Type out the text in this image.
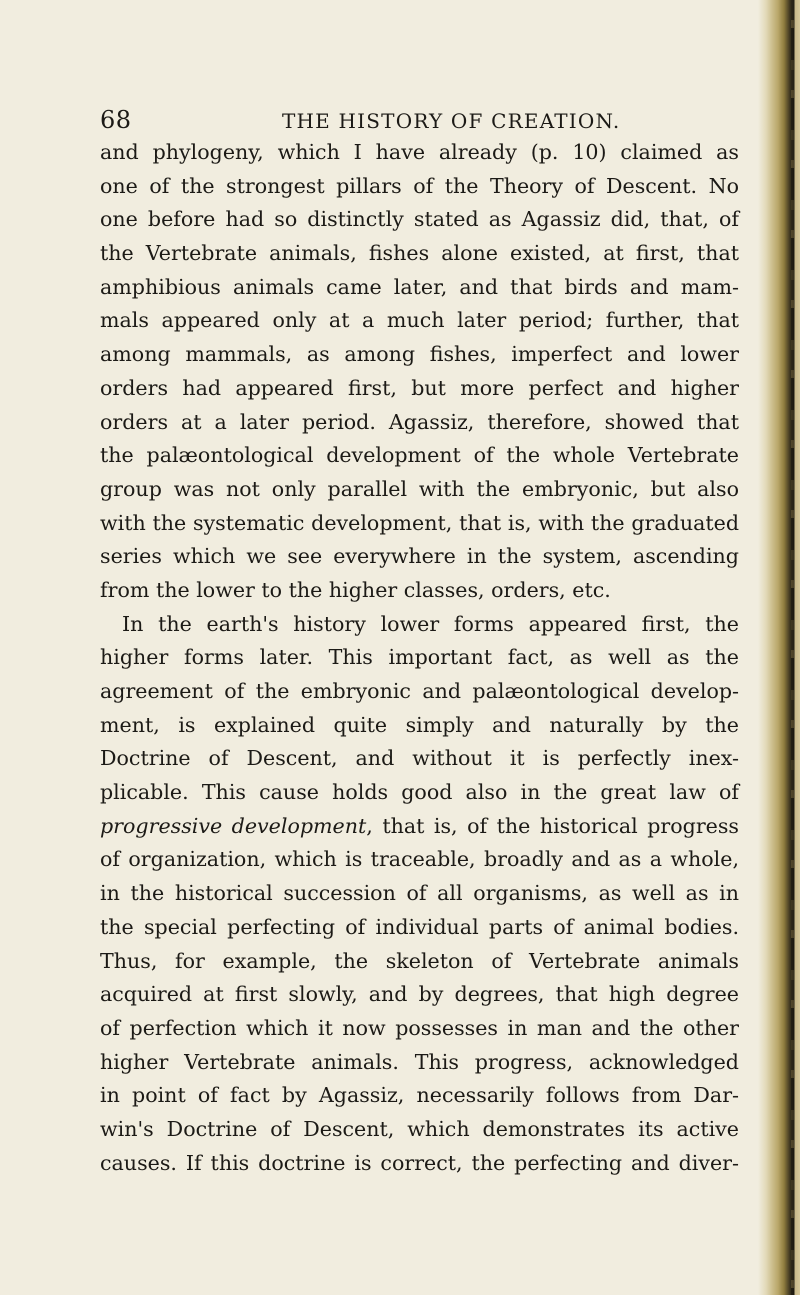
68	THE HISTORY OF CREATION.
and phylogeny, which I have already (p. 10) claimed as
one of the strongest pillars of the Theory of Descent. No
one before had so distinctly stated as Agassiz did, that, of
the Vertebrate animals, fishes alone existed, at first, that
amphibious animals came later, and that birds and mam-
mals appeared only at a much later period; further, that
among mammals, as among fishes, imperfect and lower
orders had appeared first, but more perfect and higher
orders at a later period. Agassiz, therefore, showed that
the palæontological development of the whole Vertebrate
group was not only parallel with the embryonic, but also
with the systematic development, that is, with the graduated
series which we see everywhere in the system, ascending
from the lower to the higher classes, orders, etc.
In the earth's history lower forms appeared first, the
higher forms later. This important fact, as well as the
agreement of the embryonic and palæontological develop-
ment, is explained quite simply and naturally by the
Doctrine of Descent, and without it is perfectly inex-
plicable. This cause holds good also in the great law of
progressive development, that is, of the historical progress
of organization, which is traceable, broadly and as a whole,
in the historical succession of all organisms, as well as in
the special perfecting of individual parts of animal bodies.
Thus, for example, the skeleton of Vertebrate animals
acquired at first slowly, and by degrees, that high degree
of perfection which it now possesses in man and the other
higher Vertebrate animals. This progress, acknowledged
in point of fact by Agassiz, necessarily follows from Dar-
win's Doctrine of Descent, which demonstrates its active
causes. If this doctrine is correct, the perfecting and diver-
